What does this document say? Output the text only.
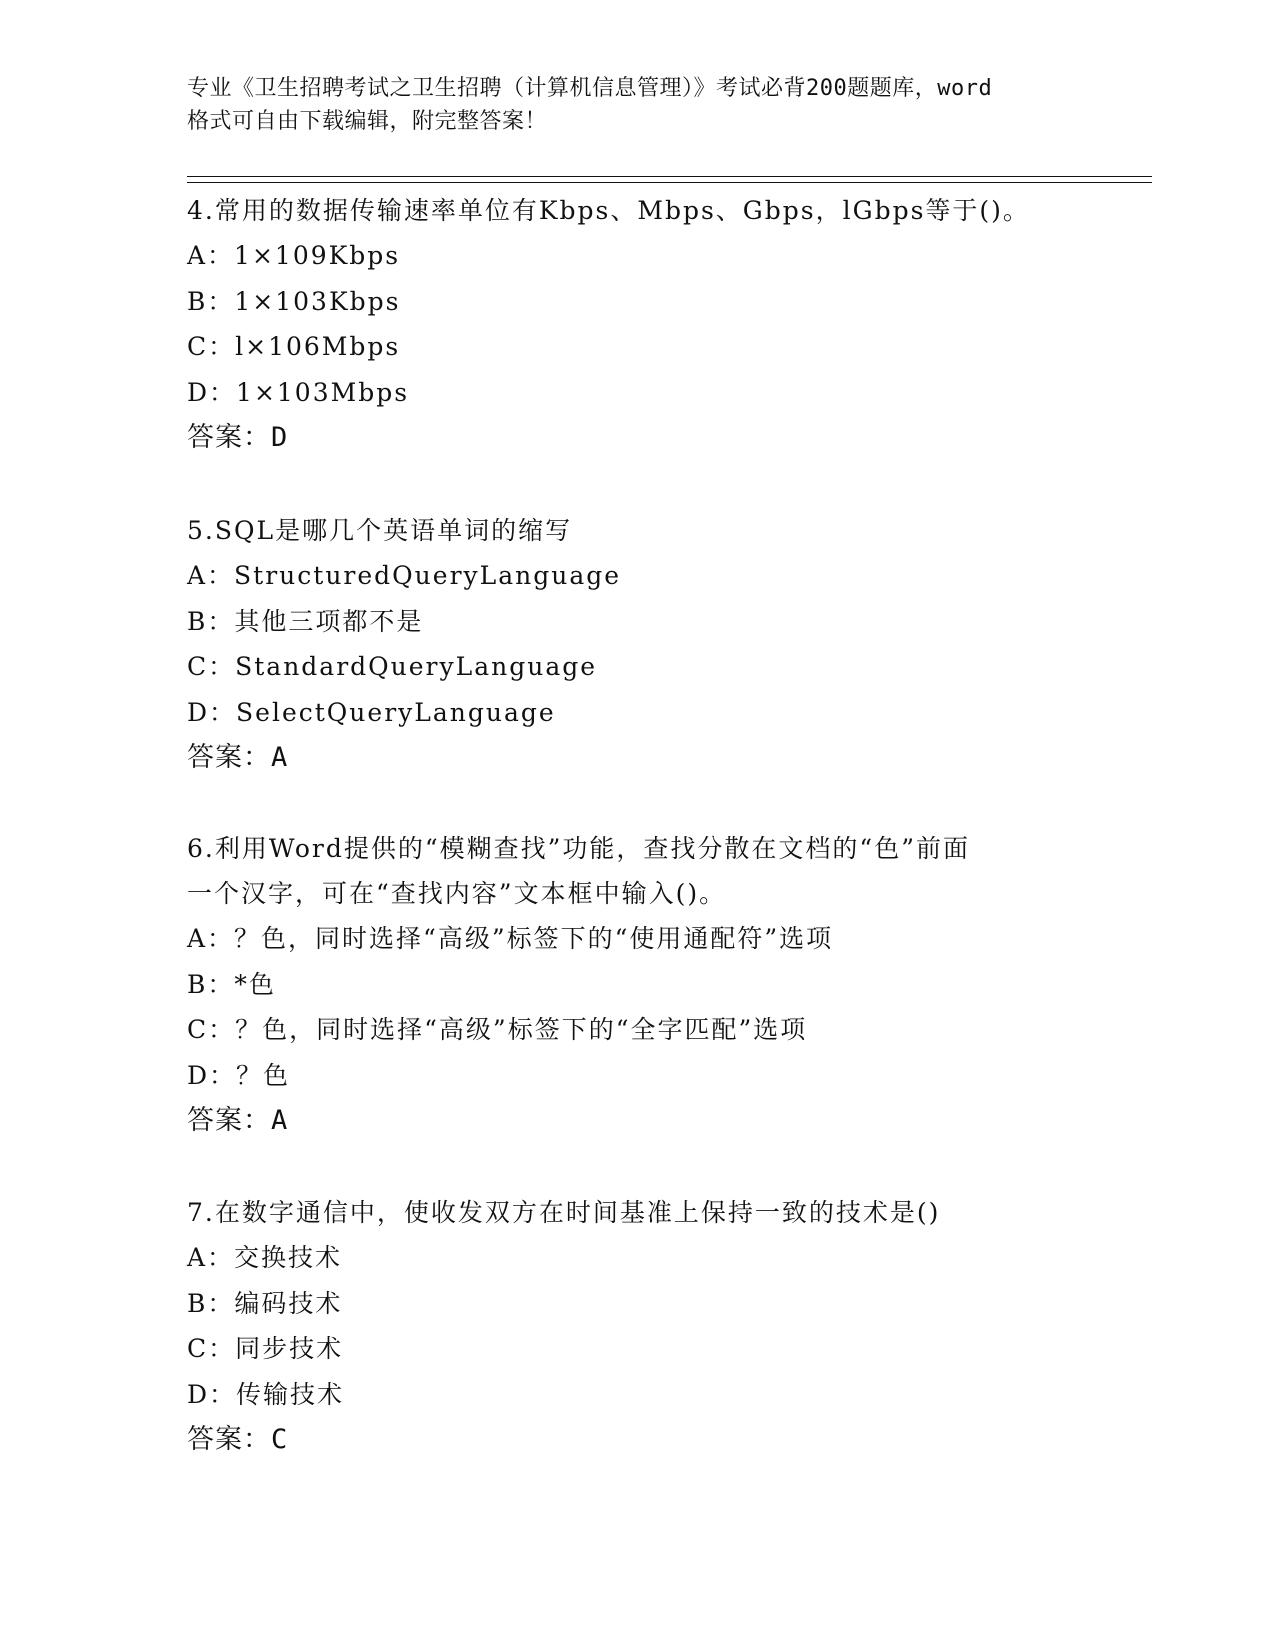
专业《卫生招聘考试之卫生招聘（计算机信息管理）》考试必背200题题库，word
格式可自由下载编辑，附完整答案！

4.常用的数据传输速率单位有Kbps、Mbps、Gbps，lGbps等于()。

A：1×109Kbps

B：1×103Kbps

C：l×106Mbps

D：1×103Mbps

答案：D

5.SQL是哪几个英语单词的缩写

A：StructuredQueryLanguage

B：其他三项都不是

C：StandardQueryLanguage

D：SelectQueryLanguage

答案：A

6.利用Word提供的“模糊查找”功能，查找分散在文档的“色”前面

一个汉字，可在“查找内容”文本框中输入()。

A：？色，同时选择“高级”标签下的“使用通配符”选项

B：*色

C：？色，同时选择“高级”标签下的“全字匹配”选项

D：？色

答案：A

7.在数字通信中，使收发双方在时间基准上保持一致的技术是()

A：交换技术

B：编码技术

C：同步技术

D：传输技术

答案：C
